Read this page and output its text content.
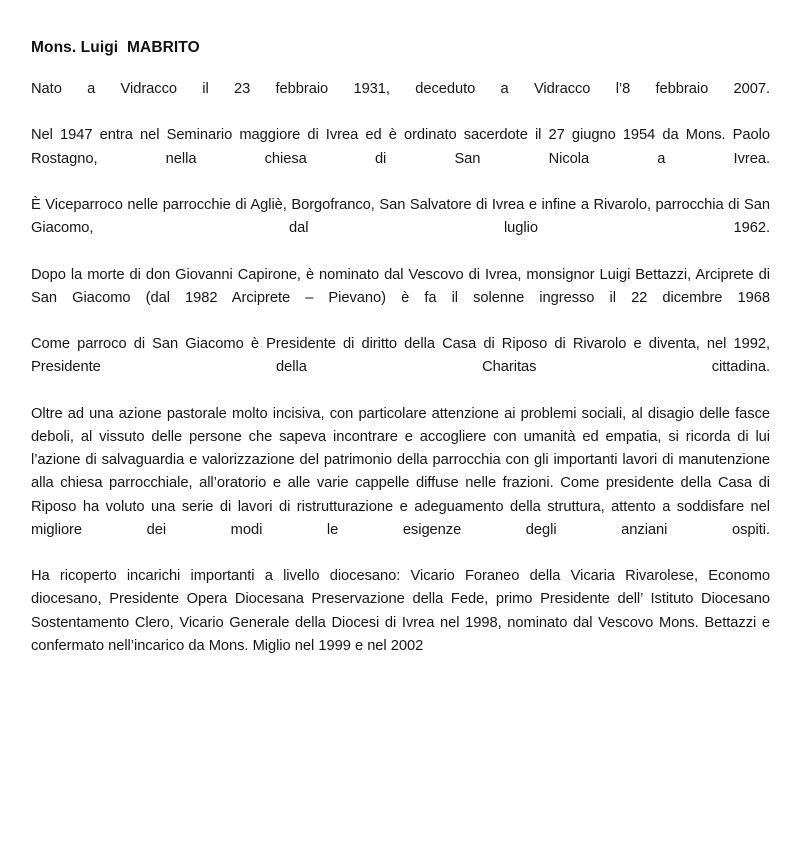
Mons. Luigi  MABRITO

Nato a Vidracco il 23 febbraio 1931, deceduto a Vidracco l’8 febbraio 2007.

Nel 1947 entra nel Seminario maggiore di Ivrea ed è ordinato sacerdote il 27 giugno 1954 da Mons. Paolo Rostagno, nella chiesa di San Nicola a Ivrea.

È Viceparroco nelle parrocchie di Agliè, Borgofranco, San Salvatore di Ivrea e infine a Rivarolo, parrocchia di San Giacomo, dal luglio 1962.

Dopo la morte di don Giovanni Capirone, è nominato dal Vescovo di Ivrea, monsignor Luigi Bettazzi, Arciprete di San Giacomo (dal 1982 Arciprete – Pievano) è fa il solenne ingresso il 22 dicembre 1968

Come parroco di San Giacomo è Presidente di diritto della Casa di Riposo di Rivarolo e diventa, nel 1992, Presidente della Charitas cittadina.

Oltre ad una azione pastorale molto incisiva, con particolare attenzione ai problemi sociali, al disagio delle fasce deboli, al vissuto delle persone che sapeva incontrare e accogliere con umanità ed empatia, si ricorda di lui l’azione di salvaguardia e valorizzazione del patrimonio della parrocchia con gli importanti lavori di manutenzione alla chiesa parrocchiale, all’oratorio e alle varie cappelle diffuse nelle frazioni. Come presidente della Casa di Riposo ha voluto una serie di lavori di ristrutturazione e adeguamento della struttura, attento a soddisfare nel migliore dei modi le esigenze degli anziani ospiti.

Ha ricoperto incarichi importanti a livello diocesano: Vicario Foraneo della Vicaria Rivarolese, Economo diocesano, Presidente Opera Diocesana Preservazione della Fede, primo Presidente dell’ Istituto Diocesano Sostentamento Clero, Vicario Generale della Diocesi di Ivrea nel 1998, nominato dal Vescovo Mons. Bettazzi e confermato nell’incarico da Mons. Miglio nel 1999 e nel 2002
